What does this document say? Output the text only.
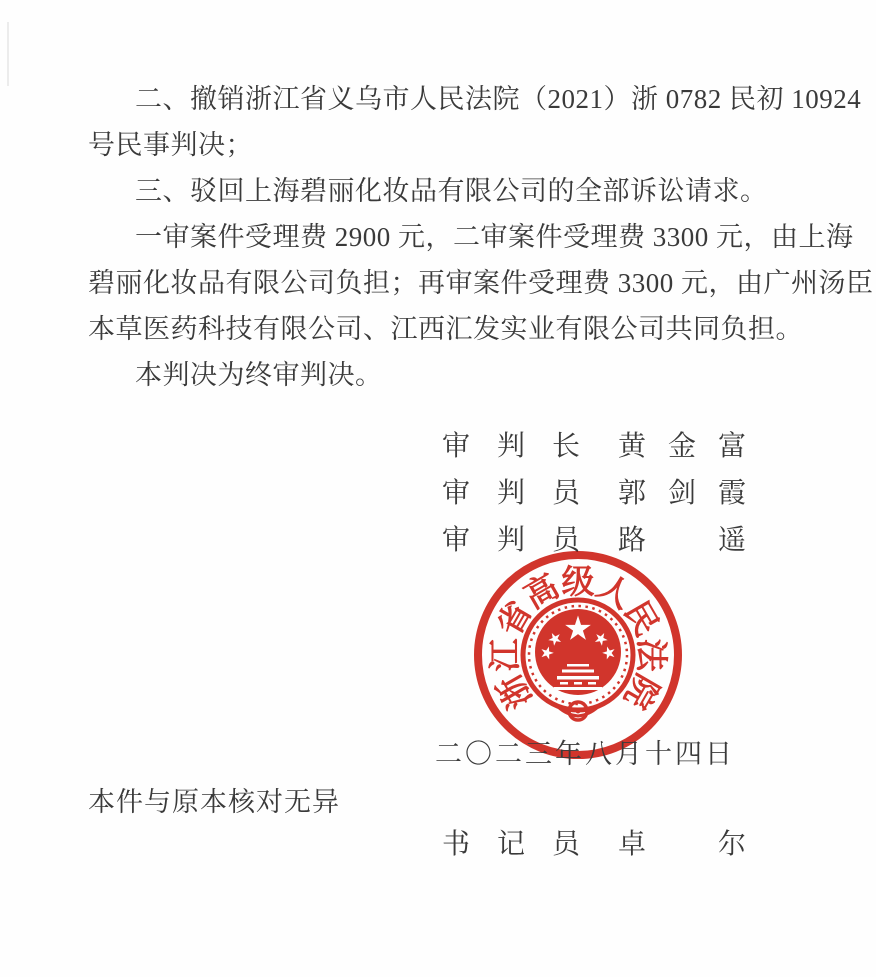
二、撤销浙江省义乌市人民法院（2021）浙 0782 民初 10924
号民事判决；
三、驳回上海碧丽化妆品有限公司的全部诉讼请求。
一审案件受理费 2900 元，二审案件受理费 3300 元，由上海
碧丽化妆品有限公司负担；再审案件受理费 3300 元，由广州汤臣
本草医药科技有限公司、江西汇发实业有限公司共同负担。
本判决为终审判决。
审判长 黄金富
审判员 郭剑霞
审判员 路　遥
浙
江
省
高
级
人
民
法
院
二〇二三年八月十四日
本件与原本核对无异
书记员 卓　尔
